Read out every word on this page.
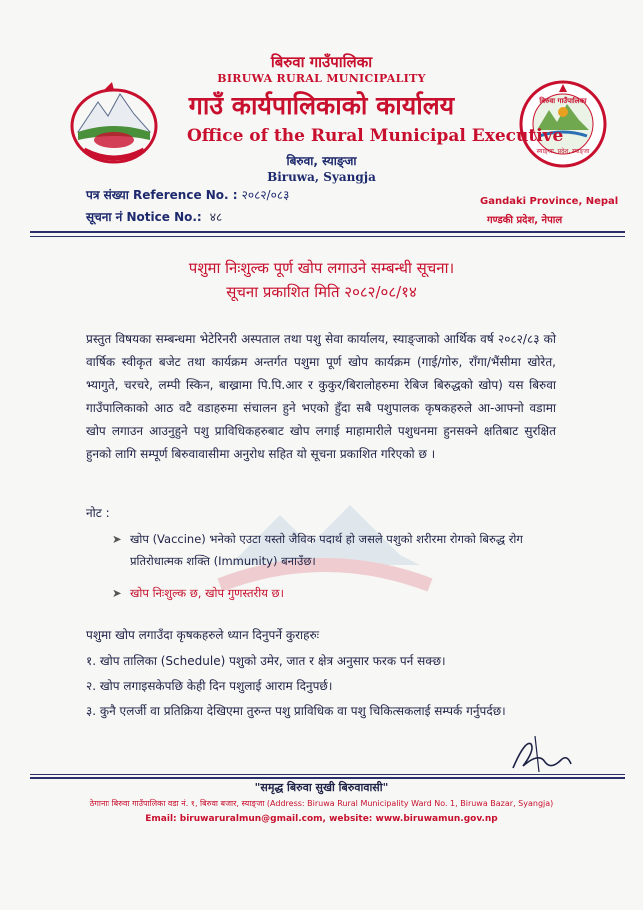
बिरुवा गाउँपालिका
स्याङ्जा, प्रदेश, स्याङ्जा
बिरुवा गाउँपालिका
BIRUWA RURAL MUNICIPALITY
गाउँ कार्यपालिकाको कार्यालय
Office of the Rural Municipal Executive
बिरुवा, स्याङ्जा
Biruwa, Syangja
पत्र संख्या Reference No. : २०८२/०८३
सूचना नं Notice No.: ४८
Gandaki Province, Nepal
गण्डकी प्रदेश, नेपाल
पशुमा निःशुल्क पूर्ण खोप लगाउने सम्बन्धी सूचना।
सूचना प्रकाशित मिति २०८२/०८/१४
प्रस्तुत विषयका सम्बन्धमा भेटेरिनरी अस्पताल तथा पशु सेवा कार्यालय, स्याङ्जाको आर्थिक वर्ष २०८२/८३ को वार्षिक स्वीकृत बजेट तथा कार्यक्रम अन्तर्गत पशुमा पूर्ण खोप कार्यक्रम (गाई/गोरु, राँगा/भैंसीमा खोरेत, भ्यागुते, चरचरे, लम्पी स्किन, बाख्रामा पि.पि.आर र कुकुर/बिरालोहरुमा रेबिज बिरुद्धको खोप) यस बिरुवा गाउँपालिकाको आठ वटै वडाहरुमा संचालन हुने भएको हुँदा सबै पशुपालक कृषकहरुले आ-आफ्नो वडामा खोप लगाउन आउनुहुने पशु प्राविधिकहरुबाट खोप लगाई माहामारीले पशुधनमा हुनसक्ने क्षतिबाट सुरक्षित हुनको लागि सम्पूर्ण बिरुवावासीमा अनुरोध सहित यो सूचना प्रकाशित गरिएको छ ।
नोट :
➤ खोप (Vaccine) भनेको एउटा यस्तो जैविक पदार्थ हो जसले पशुको शरीरमा रोगको बिरुद्ध रोग प्रतिरोधात्मक शक्ति (Immunity) बनाउँछ।
➤ खोप निःशुल्क छ, खोप गुणस्तरीय छ।
पशुमा खोप लगाउँदा कृषकहरुले ध्यान दिनुपर्ने कुराहरुः
१. खोप तालिका (Schedule) पशुको उमेर, जात र क्षेत्र अनुसार फरक पर्न सक्छ।
२. खोप लगाइसकेपछि केही दिन पशुलाई आराम दिनुपर्छ।
३. कुनै एलर्जी वा प्रतिक्रिया देखिएमा तुरुन्त पशु प्राविधिक वा पशु चिकित्सकलाई सम्पर्क गर्नुपर्दछ।
"समृद्ध बिरुवा सुखी बिरुवावासी"
ठेगानाः बिरुवा गाउँपालिका वडा नं. १, बिरुवा बजार, स्याङ्जा (Address: Biruwa Rural Municipality Ward No. 1, Biruwa Bazar, Syangja)
Email: biruwaruralmun@gmail.com, website: www.biruwamun.gov.np
